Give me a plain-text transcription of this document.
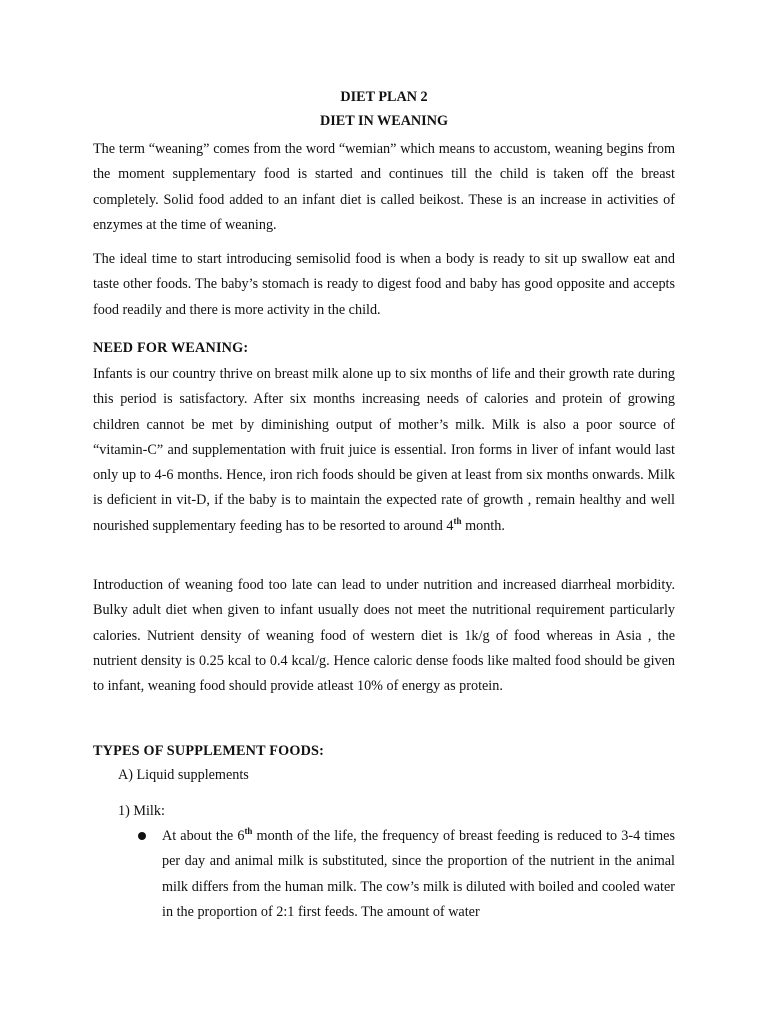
DIET PLAN 2
DIET IN WEANING
The term “weaning” comes from the word “wemian” which means to accustom, weaning begins from the moment supplementary food is started and continues till the child is taken off the breast completely. Solid food added to an infant diet is called beikost. These is an increase in activities of enzymes at the time of weaning.
The ideal time to start introducing semisolid food is when a body is ready to sit up swallow eat and taste other foods. The baby’s stomach is ready to digest food and baby has good opposite and accepts food readily and there is more activity in the child.
NEED FOR WEANING:
Infants is our country thrive on breast milk alone up to six months of life and their growth rate during this period is satisfactory. After six months increasing needs of calories and protein of growing children cannot be met by diminishing output of mother’s milk. Milk is also a poor source of “vitamin-C” and supplementation with fruit juice is essential. Iron forms in liver of infant would last only up to 4-6 months. Hence, iron rich foods should be given at least from six months onwards. Milk is deficient in vit-D, if the baby is to maintain the expected rate of growth , remain healthy and well nourished supplementary feeding has to be resorted to around 4th month.
Introduction of weaning food too late can lead to under nutrition and increased diarrheal morbidity. Bulky adult diet when given to infant usually does not meet the nutritional requirement particularly calories. Nutrient density of weaning food of western diet is 1k/g of food whereas in Asia , the nutrient density is 0.25 kcal to 0.4 kcal/g. Hence caloric dense foods like malted food should be given to infant, weaning food should provide atleast 10% of energy as protein.
TYPES OF SUPPLEMENT FOODS:
A) Liquid supplements
1) Milk:
At about the 6th month of the life, the frequency of breast feeding is reduced to 3-4 times per day and animal milk is substituted, since the proportion of the nutrient in the animal milk differs from the human milk. The cow’s milk is diluted with boiled and cooled water in the proportion of 2:1 first feeds. The amount of water
